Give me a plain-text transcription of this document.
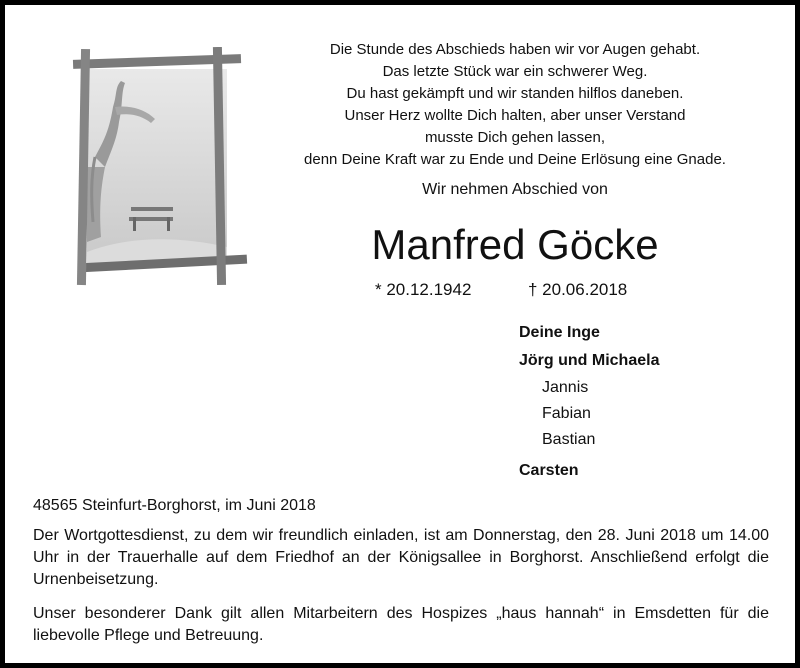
Die Stunde des Abschieds haben wir vor Augen gehabt.
Das letzte Stück war ein schwerer Weg.
Du hast gekämpft und wir standen hilflos daneben.
Unser Herz wollte Dich halten, aber unser Verstand
musste Dich gehen lassen,
denn Deine Kraft war zu Ende und Deine Erlösung eine Gnade.
Wir nehmen Abschied von
Manfred Göcke
* 20.12.1942	† 20.06.2018
Deine Inge
Jörg und Michaela
Jannis
Fabian
Bastian
Carsten
48565 Steinfurt-Borghorst, im Juni 2018
Der Wortgottesdienst, zu dem wir freundlich einladen, ist am Donnerstag, den 28. Juni 2018 um 14.00 Uhr in der Trauerhalle auf dem Friedhof an der Königsallee in Borghorst. Anschließend erfolgt die Urnenbeisetzung.
Unser besonderer Dank gilt allen Mitarbeitern des Hospizes „haus hannah“ in Emsdetten für die liebevolle Pflege und Betreuung.
